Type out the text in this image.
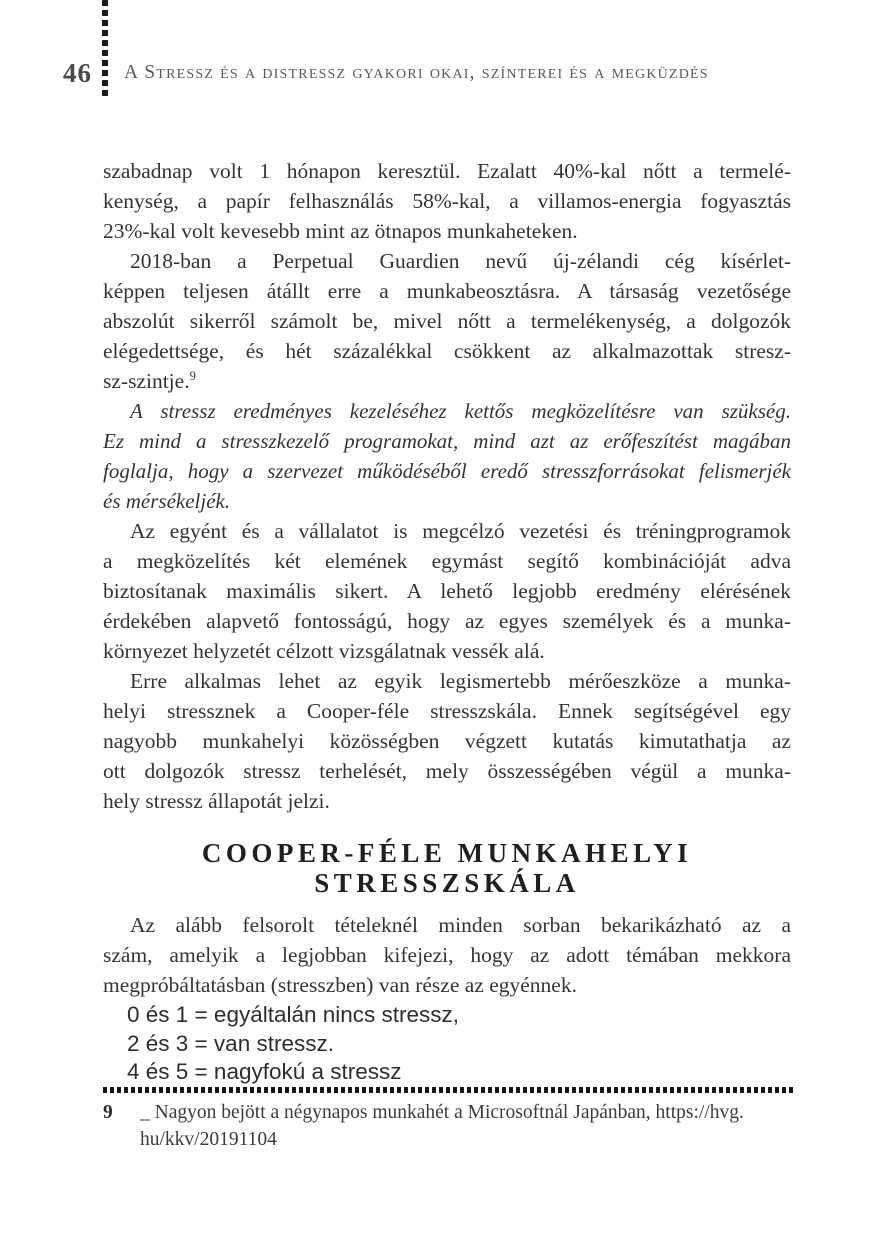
46 A Stressz és a distressz gyakori okai, színterei és a megküzdés
szabadnap volt 1 hónapon keresztül. Ezalatt 40%-kal nőtt a termelé-
kenység, a papír felhasználás 58%-kal, a villamos-energia fogyasztás
23%-kal volt kevesebb mint az ötnapos munkaheteken.
2018-ban a Perpetual Guardien nevű új-zélandi cég kísérlet-
képpen teljesen átállt erre a munkabeosztásra. A társaság vezetősége
abszolút sikerről számolt be, mivel nőtt a termelékenység, a dolgozók
elégedettsége, és hét százalékkal csökkent az alkalmazottak stresz-
sz-szintje.$^9$
A stressz eredményes kezeléséhez kettős megközelítésre van szükség.
Ez mind a stresszkezelő programokat, mind azt az erőfeszítést magában
foglalja, hogy a szervezet működéséből eredő stresszforrásokat felismerjék
és mérsékeljék.
Az egyént és a vállalatot is megcélzó vezetési és tréningprogramok
a megközelítés két elemének egymást segítő kombinációját adva
biztosítanak maximális sikert. A lehető legjobb eredmény elérésének
érdekében alapvető fontosságú, hogy az egyes személyek és a munka-
környezet helyzetét célzott vizsgálatnak vessék alá.
Erre alkalmas lehet az egyik legismertebb mérőeszköze a munka-
helyi stressznek a Cooper-féle stresszskála. Ennek segítségével egy
nagyobb munkahelyi közösségben végzett kutatás kimutathatja az
ott dolgozók stressz terhelését, mely összességében végül a munka-
hely stressz állapotát jelzi.
COOPER-FÉLE MUNKAHELYI
STRESSZSKÁLA
Az alább felsorolt tételeknél minden sorban bekarikázható az a
szám, amelyik a legjobban kifejezi, hogy az adott témában mekkora
megpróbáltatásban (stresszben) van része az egyénnek.
0 és 1 = egyáltalán nincs stressz,
2 és 3 = van stressz.
4 és 5 = nagyfokú a stressz
9	_ Nagyon bejött a négynapos munkahét a Microsoftnál Japánban, https://hvg.
hu/kkv/20191104
